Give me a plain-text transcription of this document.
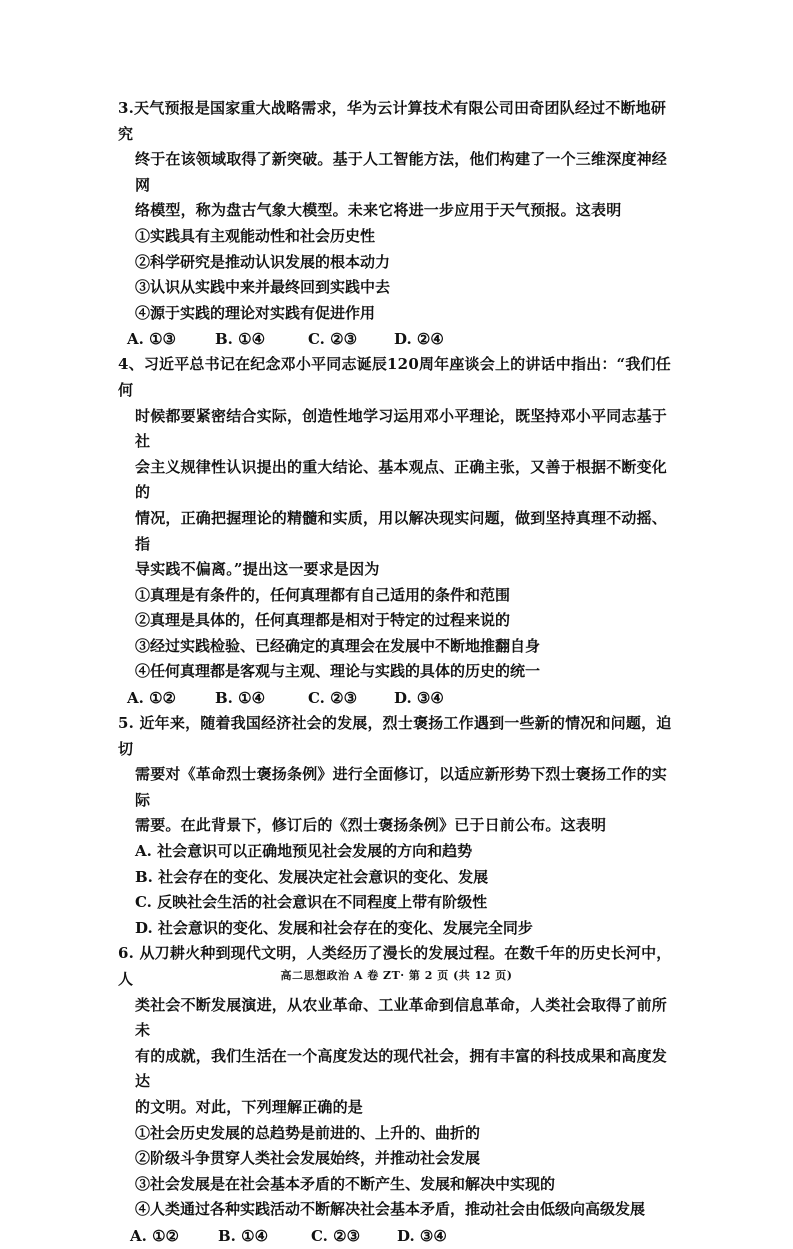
3.天气预报是国家重大战略需求，华为云计算技术有限公司田奇团队经过不断地研究
终于在该领域取得了新突破。基于人工智能方法，他们构建了一个三维深度神经网
络模型，称为盘古气象大模型。未来它将进一步应用于天气预报。这表明
①实践具有主观能动性和社会历史性
②科学研究是推动认识发展的根本动力
③认识从实践中来并最终回到实践中去
④源于实践的理论对实践有促进作用
A. ①③	B. ①④	C. ②③	D. ②④
4、习近平总书记在纪念邓小平同志诞辰120周年座谈会上的讲话中指出：“我们任何
时候都要紧密结合实际，创造性地学习运用邓小平理论，既坚持邓小平同志基于社
会主义规律性认识提出的重大结论、基本观点、正确主张，又善于根据不断变化的
情况，正确把握理论的精髓和实质，用以解决现实问题，做到坚持真理不动摇、指
导实践不偏离。”提出这一要求是因为
①真理是有条件的，任何真理都有自己适用的条件和范围
②真理是具体的，任何真理都是相对于特定的过程来说的
③经过实践检验、已经确定的真理会在发展中不断地推翻自身
④任何真理都是客观与主观、理论与实践的具体的历史的统一
A. ①②	B. ①④	C. ②③	D. ③④
5. 近年来，随着我国经济社会的发展，烈士褒扬工作遇到一些新的情况和问题，迫切
需要对《革命烈士褒扬条例》进行全面修订，以适应新形势下烈士褒扬工作的实际
需要。在此背景下，修订后的《烈士褒扬条例》已于日前公布。这表明
A. 社会意识可以正确地预见社会发展的方向和趋势
B. 社会存在的变化、发展决定社会意识的变化、发展
C. 反映社会生活的社会意识在不同程度上带有阶级性
D. 社会意识的变化、发展和社会存在的变化、发展完全同步
6. 从刀耕火种到现代文明，人类经历了漫长的发展过程。在数千年的历史长河中，人
类社会不断发展演进，从农业革命、工业革命到信息革命，人类社会取得了前所未
有的成就，我们生活在一个高度发达的现代社会，拥有丰富的科技成果和高度发达
的文明。对此，下列理解正确的是
①社会历史发展的总趋势是前进的、上升的、曲折的
②阶级斗争贯穿人类社会发展始终，并推动社会发展
③社会发展是在社会基本矛盾的不断产生、发展和解决中实现的
④人类通过各种实践活动不断解决社会基本矛盾，推动社会由低级向高级发展
A. ①②	B. ①④	C. ②③	D. ③④
高二思想政治 A 卷 ZT· 第 2 页 (共 12 页)
